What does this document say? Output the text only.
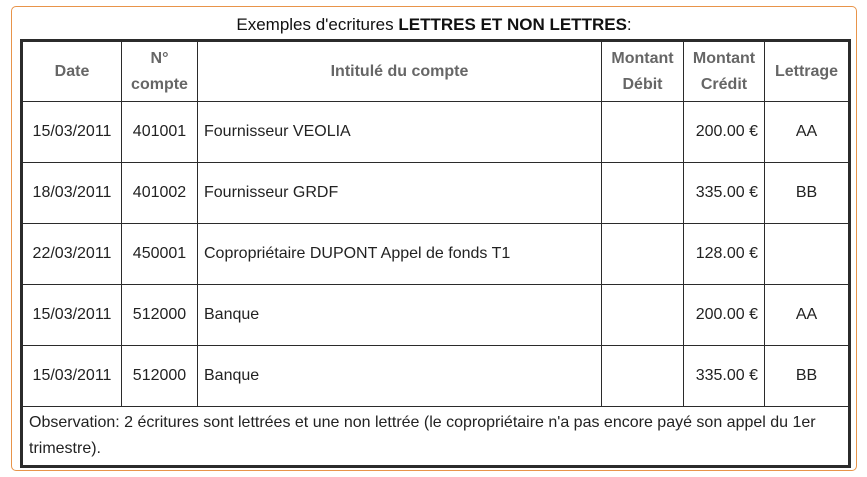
Exemples d'ecritures LETTRES ET NON LETTRES:
Date	N° compte	Intitulé du compte	Montant Débit	Montant Crédit	Lettrage
15/03/2011	401001	Fournisseur VEOLIA		200.00 €	AA
18/03/2011	401002	Fournisseur GRDF		335.00 €	BB
22/03/2011	450001	Copropriétaire DUPONT Appel de fonds T1		128.00 €	
15/03/2011	512000	Banque		200.00 €	AA
15/03/2011	512000	Banque		335.00 €	BB
Observation: 2 écritures sont lettrées et une non lettrée (le copropriétaire n'a pas encore payé son appel du 1er trimestre).					
